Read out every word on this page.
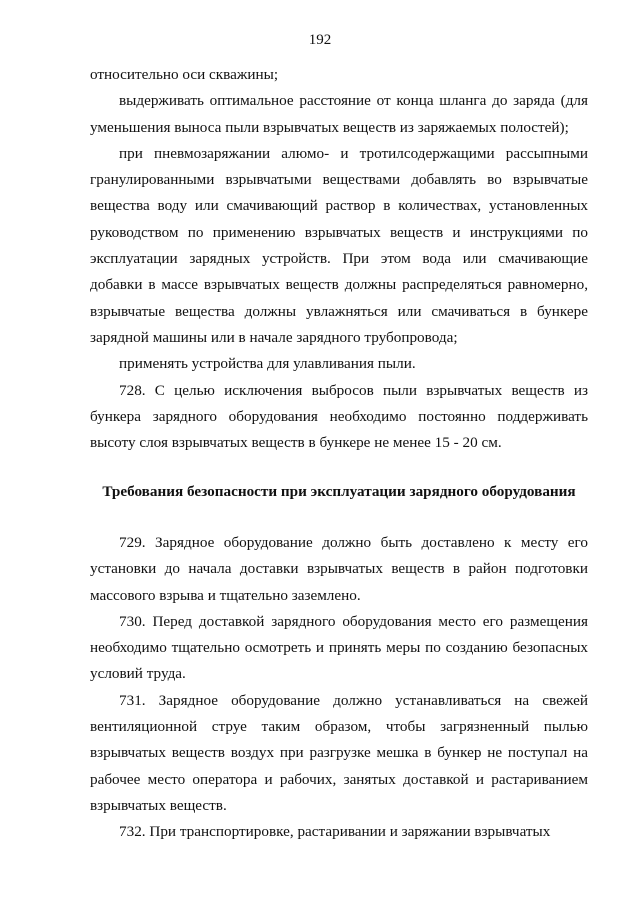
192

относительно оси скважины;

выдерживать оптимальное расстояние от конца шланга до заряда (для уменьшения выноса пыли взрывчатых веществ из заряжаемых полостей);

при пневмозаряжании алюмо- и тротилсодержащими рассыпными гранулированными взрывчатыми веществами добавлять во взрывчатые вещества воду или смачивающий раствор в количествах, установленных руководством по применению взрывчатых веществ и инструкциями по эксплуатации зарядных устройств. При этом вода или смачивающие добавки в массе взрывчатых веществ должны распределяться равномерно, взрывчатые вещества должны увлажняться или смачиваться в бункере зарядной машины или в начале зарядного трубопровода;

применять устройства для улавливания пыли.

728. С целью исключения выбросов пыли взрывчатых веществ из бункера зарядного оборудования необходимо постоянно поддерживать высоту слоя взрывчатых веществ в бункере не менее 15 - 20 см.

Требования безопасности при эксплуатации зарядного оборудования

729. Зарядное оборудование должно быть доставлено к месту его установки до начала доставки взрывчатых веществ в район подготовки массового взрыва и тщательно заземлено.

730. Перед доставкой зарядного оборудования место его размещения необходимо тщательно осмотреть и принять меры по созданию безопасных условий труда.

731. Зарядное оборудование должно устанавливаться на свежей вентиляционной струе таким образом, чтобы загрязненный пылью взрывчатых веществ воздух при разгрузке мешка в бункер не поступал на рабочее место оператора и рабочих, занятых доставкой и растариванием взрывчатых веществ.

732. При транспортировке, растаривании и заряжании взрывчатых
